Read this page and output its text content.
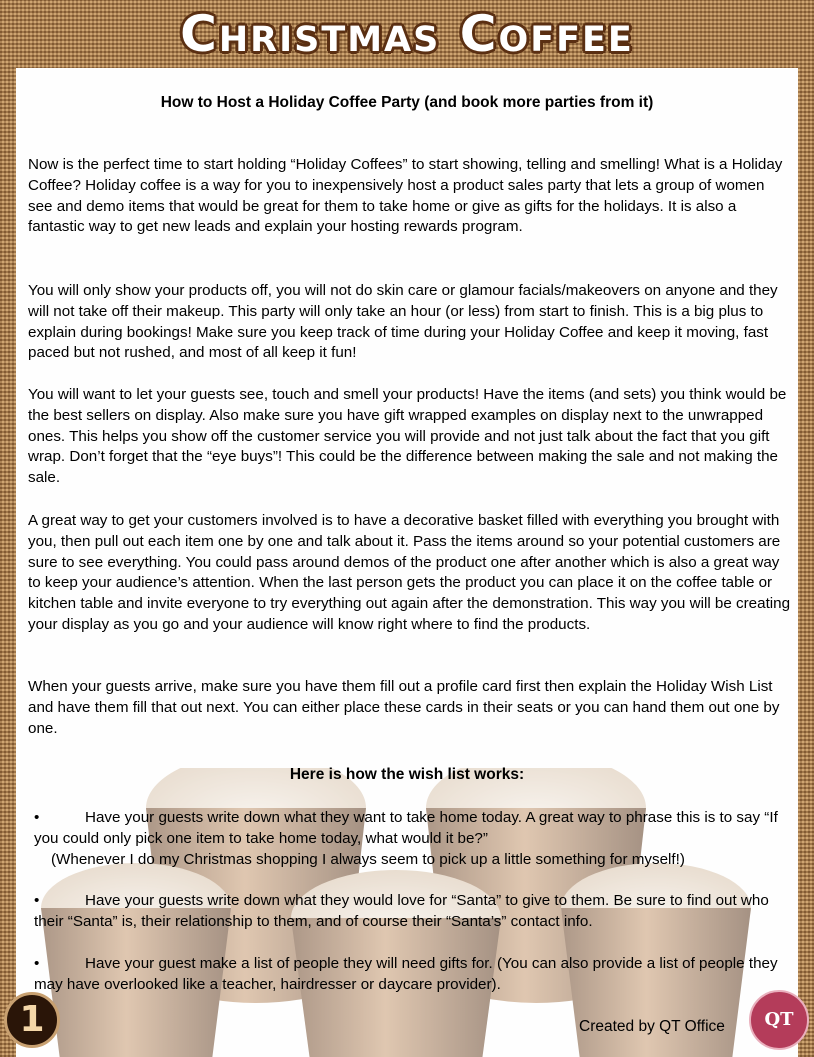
Christmas Coffee
How to Host a Holiday Coffee Party (and book more parties from it)
Now is the perfect time to start holding “Holiday Coffees” to start showing, telling and smelling! What is a Holiday Coffee? Holiday coffee is a way for you to inexpensively host a product sales party that lets a group of women see and demo items that would be great for them to take home or give as gifts for the holidays. It is also a fantastic way to get new leads and explain your hosting rewards program.
You will only show your products off, you will not do skin care or glamour facials/makeovers on anyone and they will not take off their makeup. This party will only take an hour (or less) from start to finish. This is a big plus to explain during bookings! Make sure you keep track of time during your Holiday Coffee and keep it moving, fast paced but not rushed, and most of all keep it fun!
You will want to let your guests see, touch and smell your products! Have the items (and sets) you think would be the best sellers on display. Also make sure you have gift wrapped examples on display next to the unwrapped ones. This helps you show off the customer service you will provide and not just talk about the fact that you gift wrap. Don’t forget that the “eye buys”! This could be the difference between making the sale and not making the sale.
A great way to get your customers involved is to have a decorative basket filled with everything you brought with you, then pull out each item one by one and talk about it. Pass the items around so your potential customers are sure to see everything. You could pass around demos of the product one after another which is also a great way to keep your audience’s attention. When the last person gets the product you can place it on the coffee table or kitchen table and invite everyone to try everything out again after the demonstration. This way you will be creating your display as you go and your audience will know right where to find the products.
When your guests arrive, make sure you have them fill out a profile card first then explain the Holiday Wish List and have them fill that out next. You can either place these cards in their seats or you can hand them out one by one.
Here is how the wish list works:
•	Have your guests write down what they want to take home today. A great way to phrase this is to say “If you could only pick one item to take home today, what would it be?”
(Whenever I do my Christmas shopping I always seem to pick up a little something for myself!)
•	Have your guests write down what they would love for “Santa” to give to them. Be sure to find out who their “Santa” is, their relationship to them, and of course their “Santa’s” contact info.
•	Have your guest make a list of people they will need gifts for. (You can also provide a list of people they may have overlooked like a teacher, hairdresser or daycare provider).
1	Created by QT Office	QT
